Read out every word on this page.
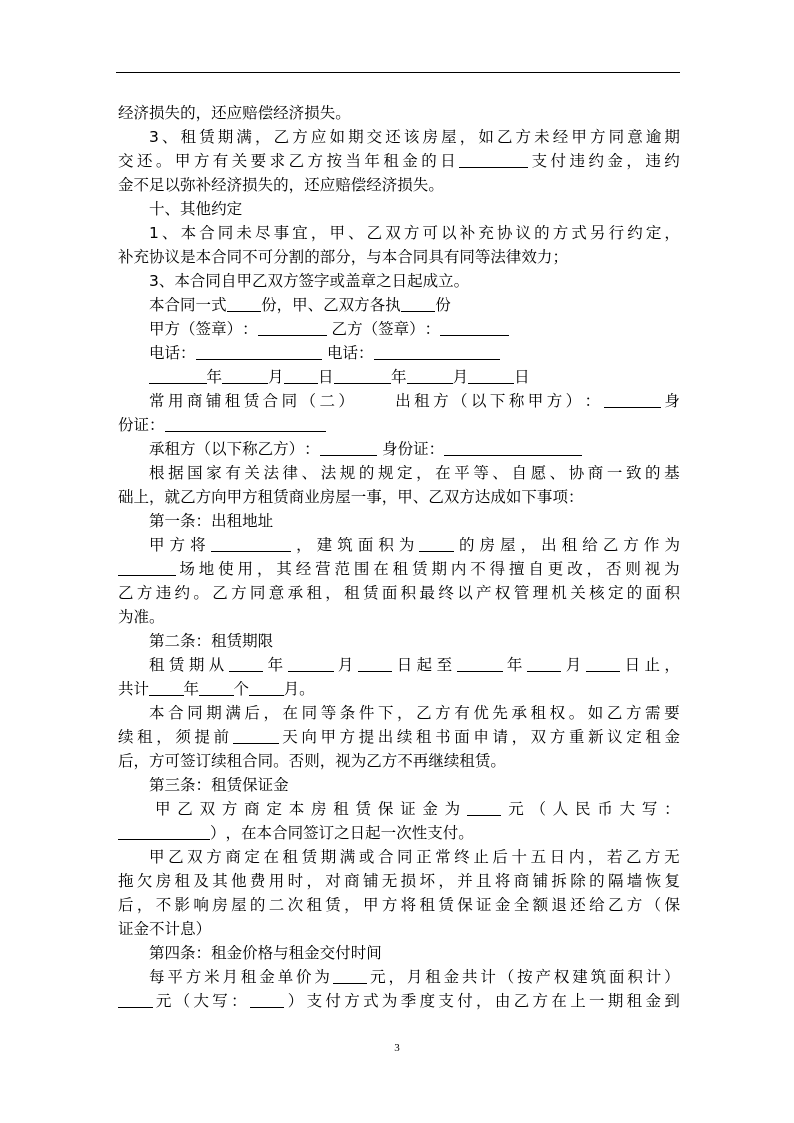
经 济 损 失 的 ， 还 应 赔 偿 经 济 损 失 。
3 、 租 赁 期 满 ， 乙 方 应 如 期 交 还 该 房 屋 ， 如 乙 方 未 经 甲 方 同 意 逾 期
交 还 。 甲 方 有 关 要 求 乙 方 按 当 年 租 金 的 日	支 付 违 约 金 ， 违 约
金 不 足 以 弥 补 经 济 损 失 的 ， 还 应 赔 偿 经 济 损 失 。
十 、 其 他 约 定
1 、 本 合 同 未 尽 事 宜 ， 甲 、 乙 双 方 可 以 补 充 协 议 的 方 式 另 行 约 定 ，
补 充 协 议 是 本 合 同 不 可 分 割 的 部 分 ， 与 本 合 同 具 有 同 等 法 律 效 力 ；
3 、 本 合 同 自 甲 乙 双 方 签 字 或 盖 章 之 日 起 成 立 。
本 合 同 一 式 份 ， 甲 、 乙 双 方 各 执 份
甲 方 （ 签 章 ） ：
	乙 方 （ 签 章 ） ：
电 话 ：
	电 话 ：
年	月 日	年	月	日
常 用 商 铺 租 赁 合 同 （ 二 ）

　	出 租 方 （ 以 下 称 甲 方 ） ：	身
份 证 ：
承 租 方 （ 以 下 称 乙 方 ） ：
	身 份 证 ：
根 据 国 家 有 关 法 律 、 法 规 的 规 定 ， 在 平 等 、 自 愿 、 协 商 一 致 的 基
础 上 ， 就 乙 方 向 甲 方 租 赁 商 业 房 屋 一 事 ， 甲 、 乙 双 方 达 成 如 下 事 项 ：
第 一 条 ： 出 租 地 址
甲 方 将	， 建 筑 面 积 为	的 房 屋 ， 出 租 给 乙 方 作 为
场 地 使 用 ， 其 经 营 范 围 在 租 赁 期 内 不 得 擅 自 更 改 ， 否 则 视 为
乙 方 违 约 。 乙 方 同 意 承 租 ， 租 赁 面 积 最 终 以 产 权 管 理 机 关 核 定 的 面 积
为 准 。
第 二 条 ： 租 赁 期 限
租 赁 期 从	年	月	日 起 至	年	月	日 止 ，
共 计 年 个 月 。
本 合 同 期 满 后 ， 在 同 等 条 件 下 ， 乙 方 有 优 先 承 租 权 。 如 乙 方 需 要
续 租 ， 须 提 前	天 向 甲 方 提 出 续 租 书 面 申 请 ， 双 方 重 新 议 定 租 金
后 ， 方 可 签 订 续 租 合 同 。 否 则 ， 视 为 乙 方 不 再 继 续 租 赁 。
第 三 条 ： 租 赁 保 证 金
甲 乙 双 方 商 定 本 房 租 赁 保 证 金 为	元 （ 人 民 币 大 写 ：
） ， 在 本 合 同 签 订 之 日 起 一 次 性 支 付 。
甲 乙 双 方 商 定 在 租 赁 期 满 或 合 同 正 常 终 止 后 十 五 日 内 ， 若 乙 方 无
拖 欠 房 租 及 其 他 费 用 时 ， 对 商 铺 无 损 坏 ， 并 且 将 商 铺 拆 除 的 隔 墙 恢 复
后 ， 不 影 响 房 屋 的 二 次 租 赁 ， 甲 方 将 租 赁 保 证 金 全 额 退 还 给 乙 方 （ 保
证 金 不 计 息 ）
第 四 条 ： 租 金 价 格 与 租 金 交 付 时 间
每 平 方 米 月 租 金 单 价 为	元 ， 月 租 金 共 计 （ 按 产 权 建 筑 面 积 计 ）
元 （ 大 写 ：	） 支 付 方 式 为 季 度 支 付 ， 由 乙 方 在 上 一 期 租 金 到
3
